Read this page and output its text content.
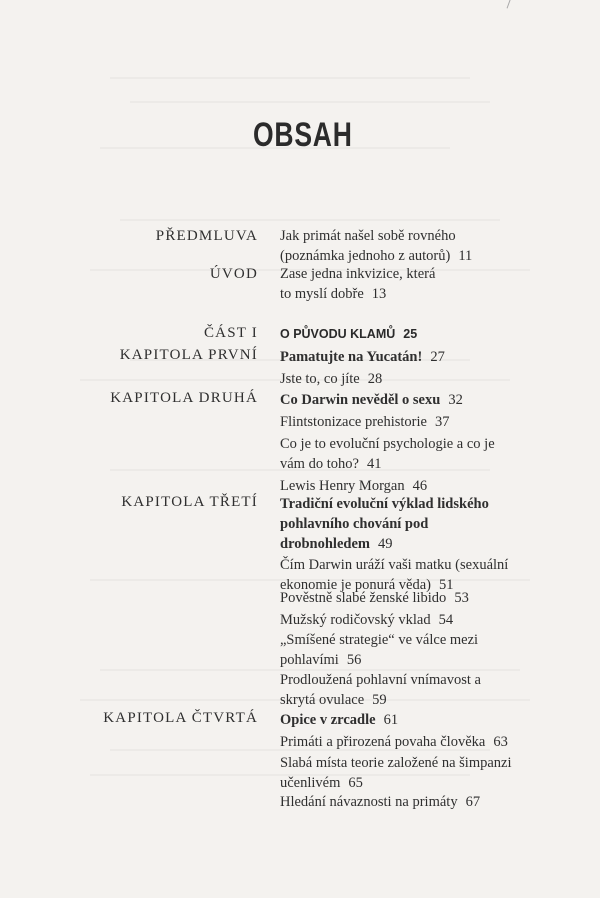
OBSAH
PŘEDMLUVA Jak primát našel sobě rovného (poznámka jednoho z autorů) 11
ÚVOD Zase jedna inkvizice, která to myslí dobře 13
ČÁST I O PŮVODU KLAMŮ 25
KAPITOLA PRVNÍ Pamatujte na Yucatán! 27
Jste to, co jíte 28
KAPITOLA DRUHÁ Co Darwin nevěděl o sexu 32
Flintstonizace prehistorie 37
Co je to evoluční psychologie a co je vám do toho? 41
Lewis Henry Morgan 46
KAPITOLA TŘETÍ Tradiční evoluční výklad lidského pohlavního chování pod drobnohledem 49
Čím Darwin uráží vaši matku (sexuální ekonomie je ponurá věda) 51
Pověstně slabé ženské libido 53
Mužský rodičovský vklad 54
„Smíšené strategie“ ve válce mezi pohlavími 56
Prodloužená pohlavní vnímavost a skrytá ovulace 59
KAPITOLA ČTVRTÁ Opice v zrcadle 61
Primáti a přirozená povaha člověka 63
Slabá místa teorie založené na šimpanzi učenlivém 65
Hledání návaznosti na primáty 67
